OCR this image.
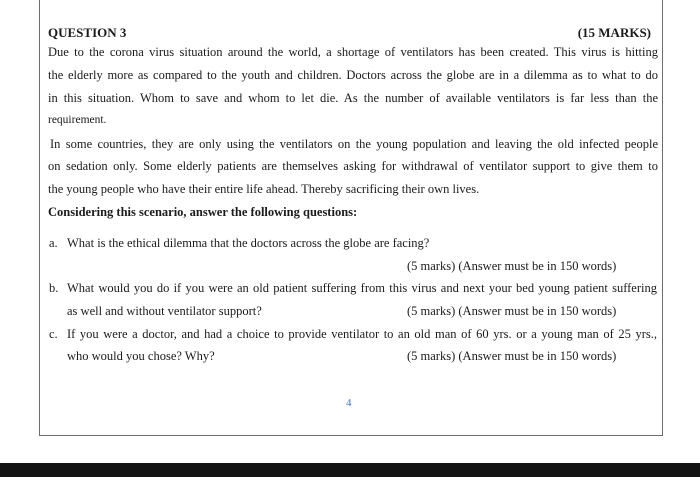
QUESTION 3	(15 MARKS)
Due to the corona virus situation around the world, a shortage of ventilators has been created. This virus is hitting
the elderly more as compared to the youth and children. Doctors across the globe are in a dilemma as to what to do
in this situation. Whom to save and whom to let die. As the number of available ventilators is far less than the
requirement.
In some countries, they are only using the ventilators on the young population and leaving the old infected people
on sedation only. Some elderly patients are themselves asking for withdrawal of ventilator support to give them to
the young people who have their entire life ahead. Thereby sacrificing their own lives.
Considering this scenario, answer the following questions:
a. What is the ethical dilemma that the doctors across the globe are facing?
(5 marks) (Answer must be in 150 words)
b. What would you do if you were an old patient suffering from this virus and next your bed young patient suffering
as well and without ventilator support?	(5 marks) (Answer must be in 150 words)
c. If you were a doctor, and had a choice to provide ventilator to an old man of 60 yrs. or a young man of 25 yrs.,
who would you chose? Why?	(5 marks) (Answer must be in 150 words)
4
